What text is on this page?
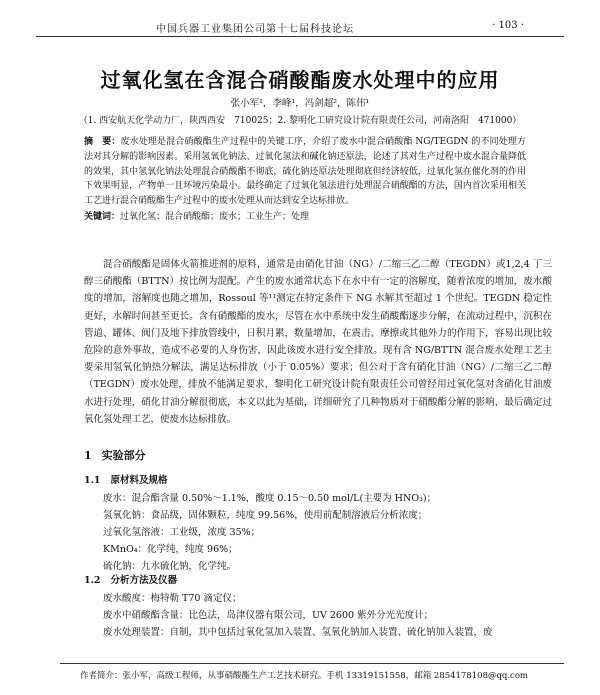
中国兵器工业集团公司第十七届科技论坛	· 103 ·
过氧化氢在含混合硝酸酯废水处理中的应用
张小军¹，李峰¹，冯剑超²，陈伟¹
（1. 西安航天化学动力厂，陕西西安　710025；2. 黎明化工研究设计院有限责任公司，河南洛阳　471000）
摘　要：废水处理是混合硝酸酯生产过程中的关键工序，介绍了废水中混合硝酸酯 NG/TEGDN 的不同处理方法对其分解的影响因素。采用氢氧化钠法、过氧化氢法和碱化钠还原法，论述了其对生产过程中废水混合量降低的效果，其中氢氧化钠法处理混合硝酸酯不彻底，硫化钠还原法处理彻底但经济较低，过氧化氢在催化剂的作用下效果明显，产物单一且环境污染最小。最终确定了过氧化氢法进行处理混合硝酸酯的方法，国内首次采用相关工艺进行混合硝酸酯生产过程中的废水处理从而达到安全达标排放。
关键词：过氧化氢；混合硝酸酯；废水；工业生产；处理
混合硝酸酯是固体火箭推进剂的原料，通常是由硝化甘油（NG）/二缩三乙二醇（TEGDN）或1,2,4 丁三醇三硝酸酯（BTTN）按比例为混配。产生的废水通常状态下在水中有一定的溶解度，随着浓度的增加，废水酸度的增加，溶解度也随之增加，Rossoul 等¹¹测定在特定条件下 NG 水解其至超过 1 个世纪。TEGDN 稳定性更好，水解时间甚至更长。含有硝酸酯的废水，尽管在水中系统中发生硝酸酯逐步分解，在流动过程中，沉积在管道、罐体、阀门及地下排放管线中，日积月累，数量增加，在震击、摩擦或其他外力的作用下，容易出现比较危险的意外事故，造成不必要的人身伤害，因此该废水进行安全排放。现有含 NG/BTTN 混合废水处理工艺主要采用氢氧化钠热分解法，满足达标排放（小于 0.05%）要求；但公对于含有硝化甘油（NG）/二缩三乙二醇（TEGDN）废水处理，排放不能满足要求，黎明化工研究设计院有限责任公司曾经用过氧化氢对含硝化甘油废水进行处理，硝化甘油分解很彻底，本文以此为基础，详细研究了几种物质对于硝酸酯分解的影响，最后确定过氧化氢处理工艺，使废水达标排放。
1 实验部分
1.1 原材料及规格
废水：混合酯含量 0.50%～1.1%，酸度 0.15～0.50 mol/L(主要为 HNO₃)；
氢氧化钠：食品级，固体颗粒，纯度 99.56%，使用前配制溶液后分析浓度；
过氧化氢溶液：工业级，浓度 35%；
KMnO₄：化学纯，纯度 96%；
硫化钠：九水硫化钠，化学纯。
1.2 分析方法及仪器
废水酸度：梅特勒 T70 滴定仪；
废水中硝酸酯含量：比色法，岛津仪器有限公司，UV 2600 紫外分光光度计；
废水处理装置：自制，其中包括过氧化氢加入装置、氢氧化钠加入装置、硫化钠加入装置，废
作者简介：张小军，高级工程师，从事硝酸酯生产工艺技术研究。手机 13319151558，邮箱 2854178108@qq.com
